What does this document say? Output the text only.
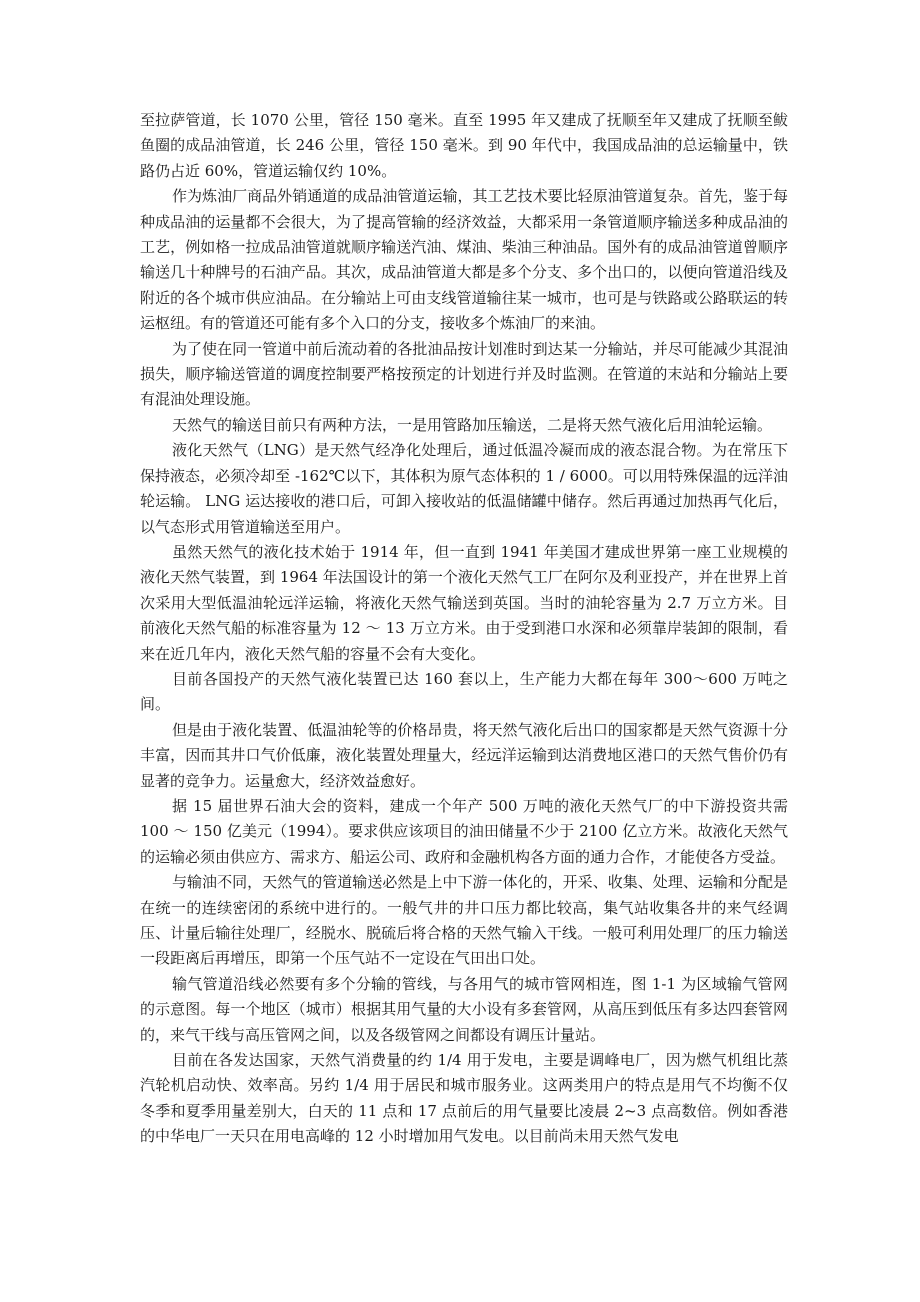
至拉萨管道，长 1070 公里，管径 150 毫米。直至 1995 年又建成了抚顺至年又建成了抚顺至鲅鱼圈的成品油管道，长 246 公里，管径 150 毫米。到 90 年代中，我国成品油的总运输量中，铁路仍占近 60%，管道运输仅约 10%。

作为炼油厂商品外销通道的成品油管道运输，其工艺技术要比轻原油管道复杂。首先，鉴于每种成品油的运量都不会很大，为了提高管输的经济效益，大都采用一条管道顺序输送多种成品油的工艺，例如格一拉成品油管道就顺序输送汽油、煤油、柴油三种油品。国外有的成品油管道曾顺序输送几十种牌号的石油产品。其次，成品油管道大都是多个分支、多个出口的，以便向管道沿线及附近的各个城市供应油品。在分输站上可由支线管道输往某一城市，也可是与铁路或公路联运的转运枢纽。有的管道还可能有多个入口的分支，接收多个炼油厂的来油。

为了使在同一管道中前后流动着的各批油品按计划准时到达某一分输站，并尽可能减少其混油损失，顺序输送管道的调度控制要严格按预定的计划进行并及时监测。在管道的末站和分输站上要有混油处理设施。

天然气的输送目前只有两种方法，一是用管路加压输送，二是将天然气液化后用油轮运输。

液化天然气（LNG）是天然气经净化处理后，通过低温冷凝而成的液态混合物。为在常压下保持液态，必须冷却至 -162℃以下，其体积为原气态体积的 1 / 6000。可以用特殊保温的远洋油轮运输。 LNG 运达接收的港口后，可卸入接收站的低温储罐中储存。然后再通过加热再气化后，以气态形式用管道输送至用户。

虽然天然气的液化技术始于 1914 年，但一直到 1941 年美国才建成世界第一座工业规模的液化天然气装置，到 1964 年法国设计的第一个液化天然气工厂在阿尔及利亚投产，并在世界上首次采用大型低温油轮远洋运输，将液化天然气输送到英国。当时的油轮容量为 2.7 万立方米。目前液化天然气船的标准容量为 12 ～ 13 万立方米。由于受到港口水深和必须靠岸装卸的限制，看来在近几年内，液化天然气船的容量不会有大变化。

目前各国投产的天然气液化装置已达 160 套以上，生产能力大都在每年 300～600 万吨之间。

但是由于液化装置、低温油轮等的价格昂贵，将天然气液化后出口的国家都是天然气资源十分丰富，因而其井口气价低廉，液化装置处理量大，经远洋运输到达消费地区港口的天然气售价仍有显著的竞争力。运量愈大，经济效益愈好。

据 15 届世界石油大会的资料，建成一个年产 500 万吨的液化天然气厂的中下游投资共需 100 ～ 150 亿美元（1994）。要求供应该项目的油田储量不少于 2100 亿立方米。故液化天然气的运输必须由供应方、需求方、船运公司、政府和金融机构各方面的通力合作，才能使各方受益。

与输油不同，天然气的管道输送必然是上中下游一体化的，开采、收集、处理、运输和分配是在统一的连续密闭的系统中进行的。一般气井的井口压力都比较高，集气站收集各井的来气经调压、计量后输往处理厂，经脱水、脱硫后将合格的天然气输入干线。一般可利用处理厂的压力输送一段距离后再增压，即第一个压气站不一定设在气田出口处。

输气管道沿线必然要有多个分输的管线，与各用气的城市管网相连，图 1-1 为区域输气管网的示意图。每一个地区（城市）根据其用气量的大小设有多套管网，从高压到低压有多达四套管网的，来气干线与高压管网之间，以及各级管网之间都设有调压计量站。

目前在各发达国家，天然气消费量的约 1/4 用于发电，主要是调峰电厂，因为燃气机组比蒸汽轮机启动快、效率高。另约 1/4 用于居民和城市服务业。这两类用户的特点是用气不均衡不仅冬季和夏季用量差别大，白天的 11 点和 17 点前后的用气量要比凌晨 2~3 点高数倍。例如香港的中华电厂一天只在用电高峰的 12 小时增加用气发电。以目前尚未用天然气发电
